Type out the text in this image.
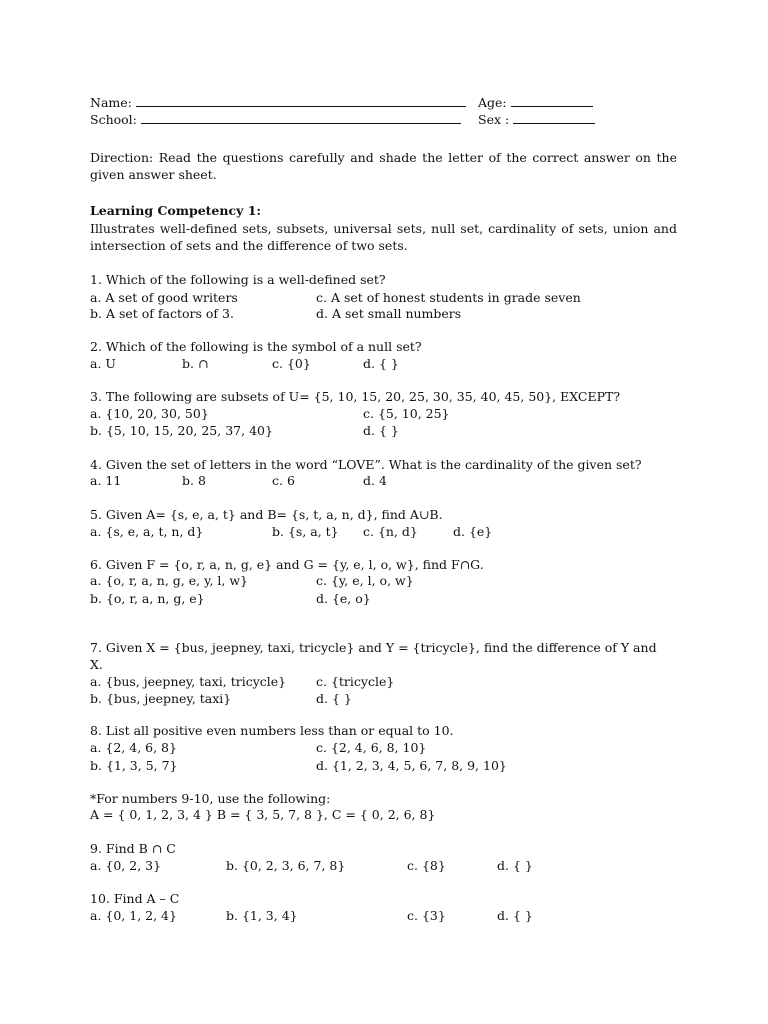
Name:	Age:
School:	Sex :
Direction: Read the questions carefully and shade the letter of the correct answer on the given answer sheet.
Learning Competency 1:
Illustrates well-defined sets, subsets, universal sets, null set, cardinality of sets, union and intersection of sets and the difference of two sets.
1. Which of the following is a well-defined set?
a. A set of good writers	c. A set of honest students in grade seven
b. A set of factors of 3.	d. A set small numbers
2. Which of the following is the symbol of a null set?
a. U	b. ∩	c. {0}	d. { }
3. The following are subsets of U= {5, 10, 15, 20, 25, 30, 35, 40, 45, 50}, EXCEPT?
a. {10, 20, 30, 50}	c. {5, 10, 25}
b. {5, 10, 15, 20, 25, 37, 40}	d. { }
4. Given the set of letters in the word “LOVE”. What is the cardinality of the given set?
a. 11	b. 8	c. 6	d. 4
5. Given A= {s, e, a, t} and B= {s, t, a, n, d}, find A∪B.
a. {s, e, a, t, n, d}	b. {s, a, t} c. {n, d}	d. {e}
6. Given F = {o, r, a, n, g, e} and G = {y, e, l, o, w}, find F∩G.
a. {o, r, a, n, g, e, y, l, w}	c. {y, e, l, o, w}
b. {o, r, a, n, g, e}	d. {e, o}
7. Given X = {bus, jeepney, taxi, tricycle} and Y = {tricycle}, find the difference of Y and
X.
a. {bus, jeepney, taxi, tricycle} c. {tricycle}
b. {bus, jeepney, taxi}	d. { }
8. List all positive even numbers less than or equal to 10.
a. {2, 4, 6, 8}	c. {2, 4, 6, 8, 10}
b. {1, 3, 5, 7}	d. {1, 2, 3, 4, 5, 6, 7, 8, 9, 10}
*For numbers 9-10, use the following:
A = { 0, 1, 2, 3, 4 } B = { 3, 5, 7, 8 }, C = { 0, 2, 6, 8}
9. Find B ∩ C
a. {0, 2, 3}	b. {0, 2, 3, 6, 7, 8}	c. {8}	d. { }
10. Find A – C
a. {0, 1, 2, 4}	b. {1, 3, 4}	c. {3}	d. { }
